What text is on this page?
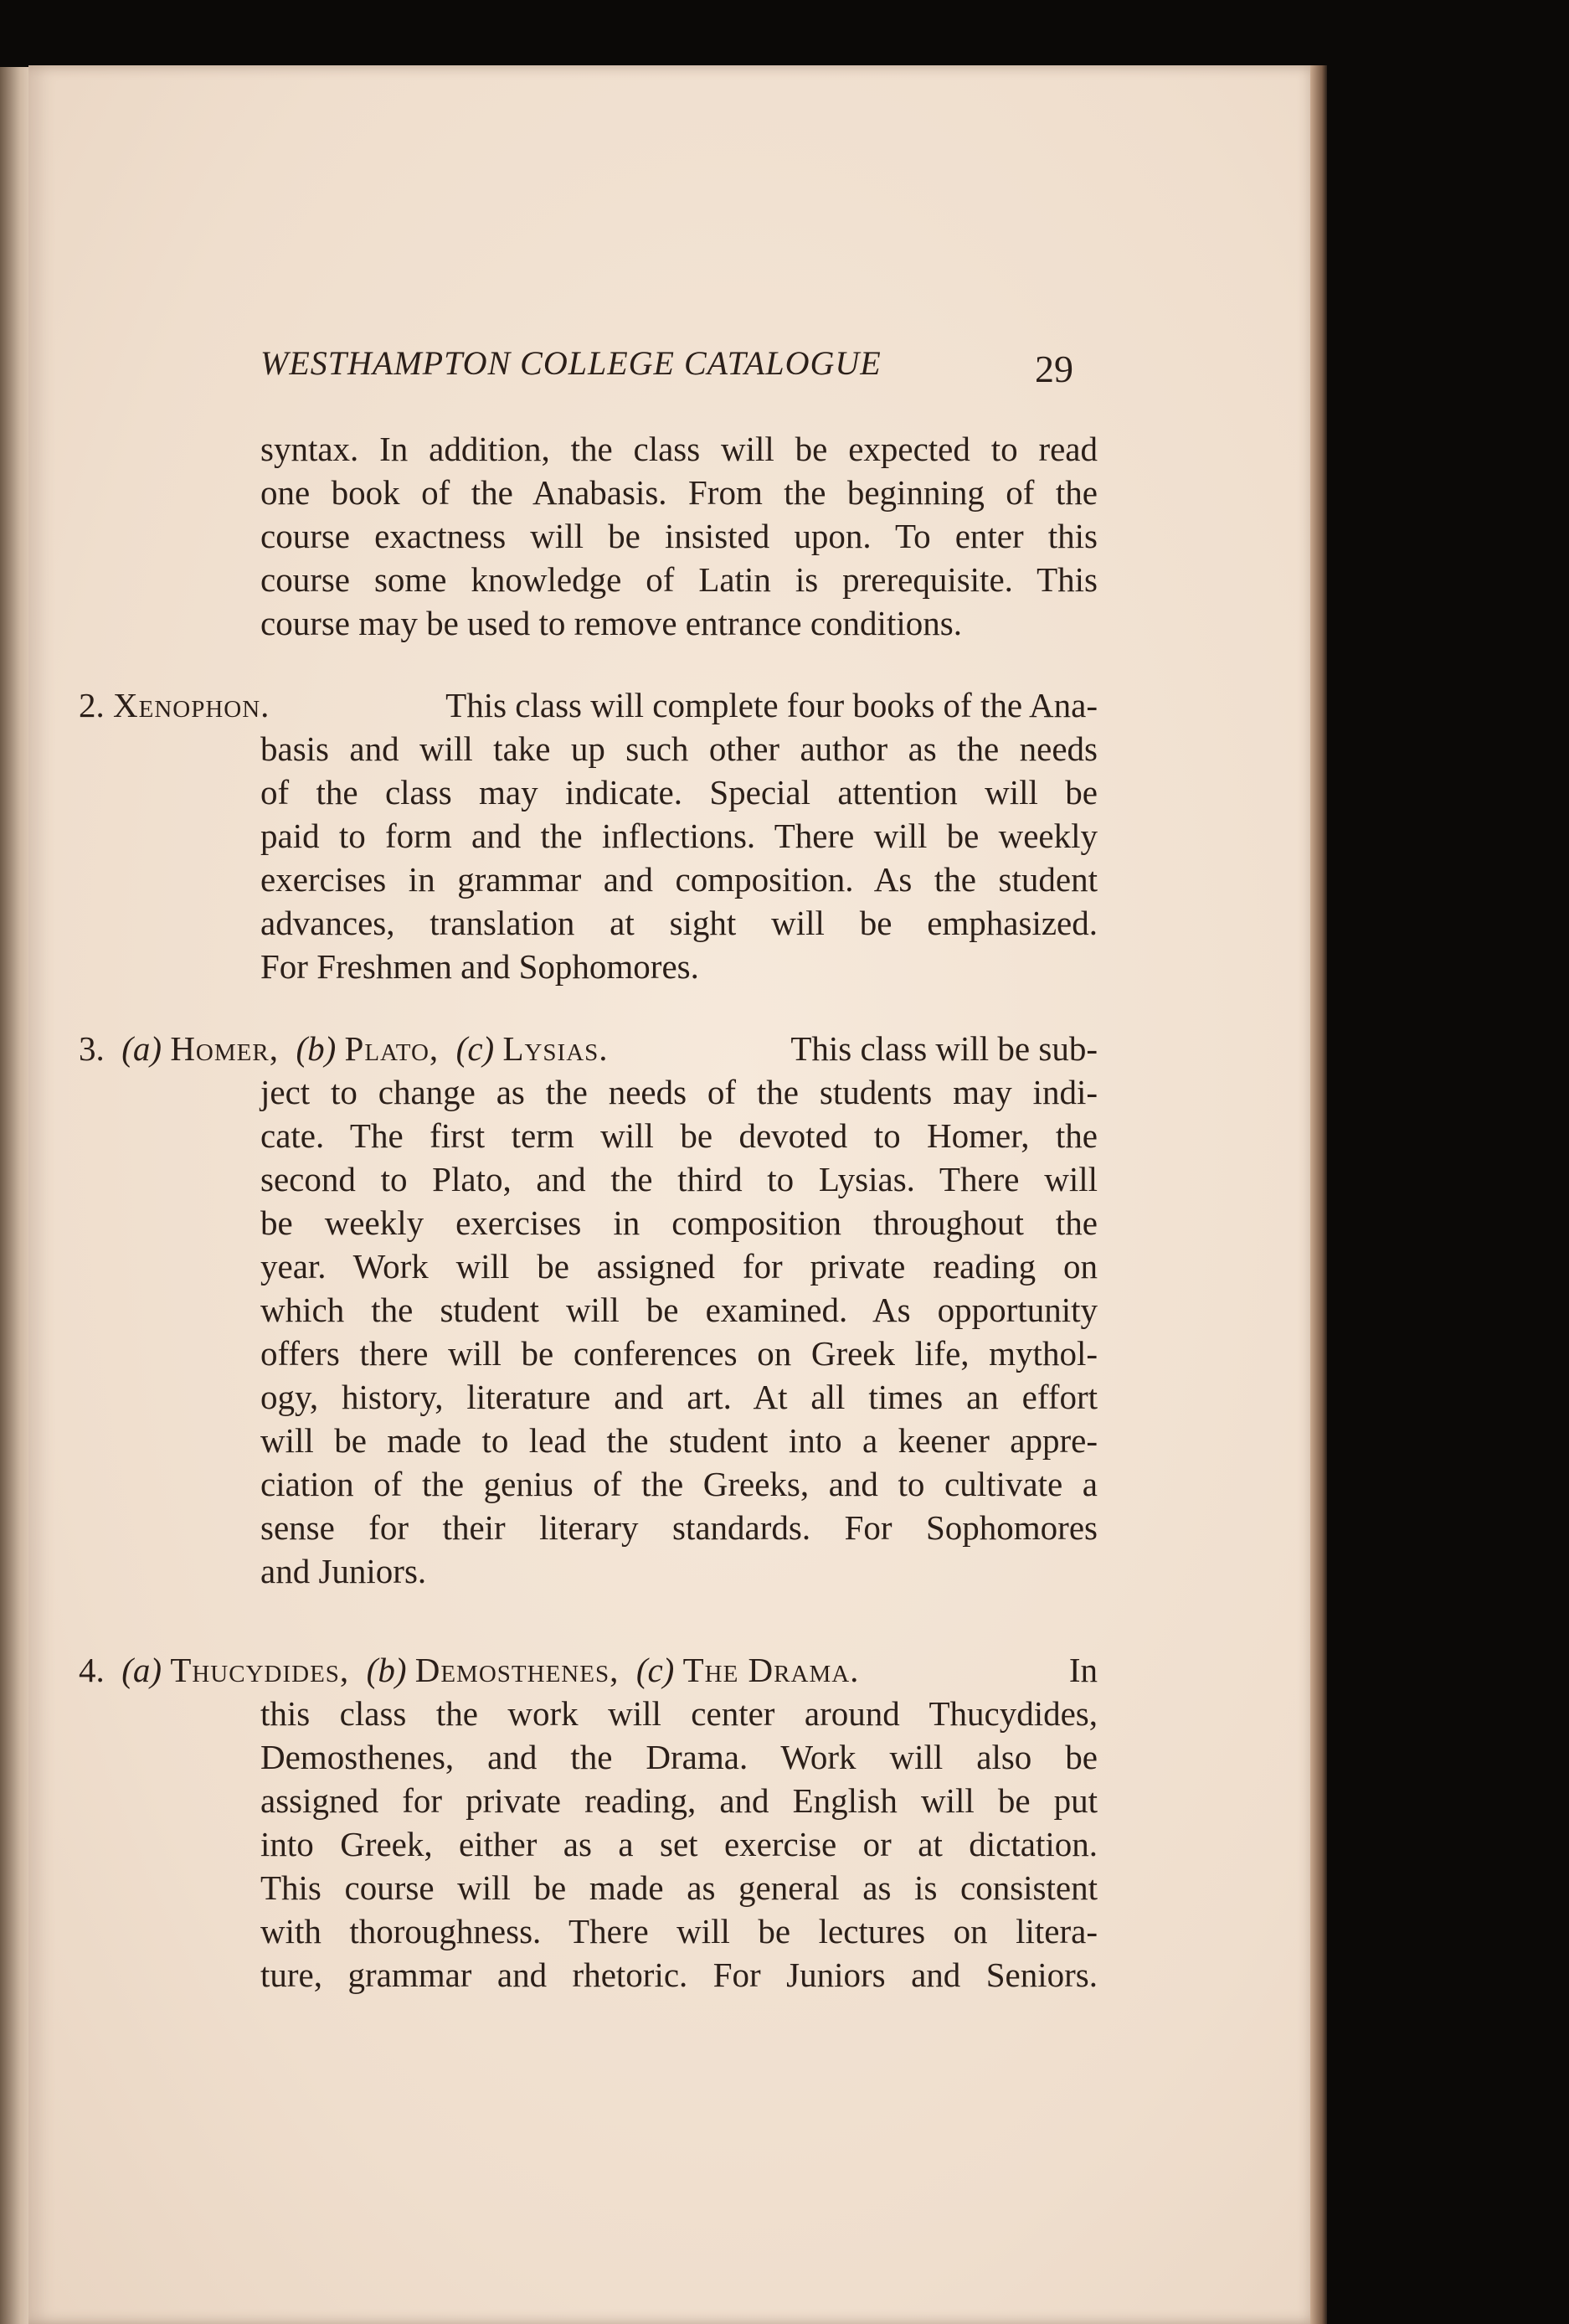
WESTHAMPTON COLLEGE CATALOGUE	29
syntax. In addition, the class will be expected to read
one book of the Anabasis. From the beginning of the
course exactness will be insisted upon. To enter this
course some knowledge of Latin is prerequisite. This
course may be used to remove entrance conditions.
2. Xenophon.	This class will complete four books of the Ana-
basis and will take up such other author as the needs
of the class may indicate. Special attention will be
paid to form and the inflections. There will be weekly
exercises in grammar and composition. As the student
advances, translation at sight will be emphasized.
For Freshmen and Sophomores.
3. (a) Homer, (b) Plato, (c) Lysias.	This class will be sub-
ject to change as the needs of the students may indi-
cate. The first term will be devoted to Homer, the
second to Plato, and the third to Lysias. There will
be weekly exercises in composition throughout the
year. Work will be assigned for private reading on
which the student will be examined. As opportunity
offers there will be conferences on Greek life, mythol-
ogy, history, literature and art. At all times an effort
will be made to lead the student into a keener appre-
ciation of the genius of the Greeks, and to cultivate a
sense for their literary standards. For Sophomores
and Juniors.
4. (a) Thucydides, (b) Demosthenes, (c) The Drama.	In
this class the work will center around Thucydides,
Demosthenes, and the Drama. Work will also be
assigned for private reading, and English will be put
into Greek, either as a set exercise or at dictation.
This course will be made as general as is consistent
with thoroughness. There will be lectures on litera-
ture, grammar and rhetoric. For Juniors and Seniors.
